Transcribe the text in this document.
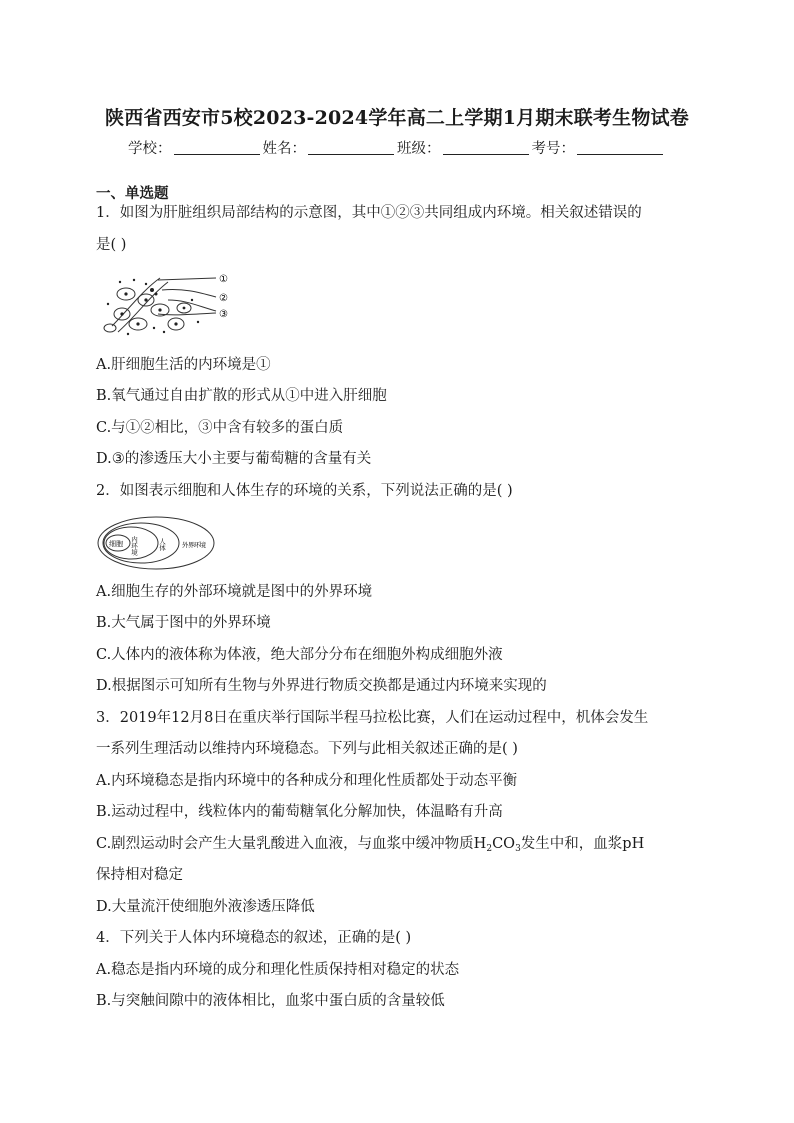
陕西省西安市5校2023-2024学年高二上学期1月期末联考生物试卷
学校：	姓名：	班级：	考号：
一、单选题
1．如图为肝脏组织局部结构的示意图，其中①②③共同组成内环境。相关叙述错误的
是( )
①
②
③
A.肝细胞生活的内环境是①
B.氧气通过自由扩散的形式从①中进入肝细胞
C.与①②相比，③中含有较多的蛋白质
D.③的渗透压大小主要与葡萄糖的含量有关
2．如图表示细胞和人体生存的环境的关系，下列说法正确的是( )
细胞 内环境	人体 外界环境
A.细胞生存的外部环境就是图中的外界环境
B.大气属于图中的外界环境
C.人体内的液体称为体液，绝大部分分布在细胞外构成细胞外液
D.根据图示可知所有生物与外界进行物质交换都是通过内环境来实现的
3．2019年12月8日在重庆举行国际半程马拉松比赛，人们在运动过程中，机体会发生
一系列生理活动以维持内环境稳态。下列与此相关叙述正确的是( )
A.内环境稳态是指内环境中的各种成分和理化性质都处于动态平衡
B.运动过程中，线粒体内的葡萄糖氧化分解加快，体温略有升高
C.剧烈运动时会产生大量乳酸进入血液，与血浆中缓冲物质$H_2CO_3$发生中和，血浆pH
保持相对稳定
D.大量流汗使细胞外液渗透压降低
4．下列关于人体内环境稳态的叙述，正确的是( )
A.稳态是指内环境的成分和理化性质保持相对稳定的状态
B.与突触间隙中的液体相比，血浆中蛋白质的含量较低
